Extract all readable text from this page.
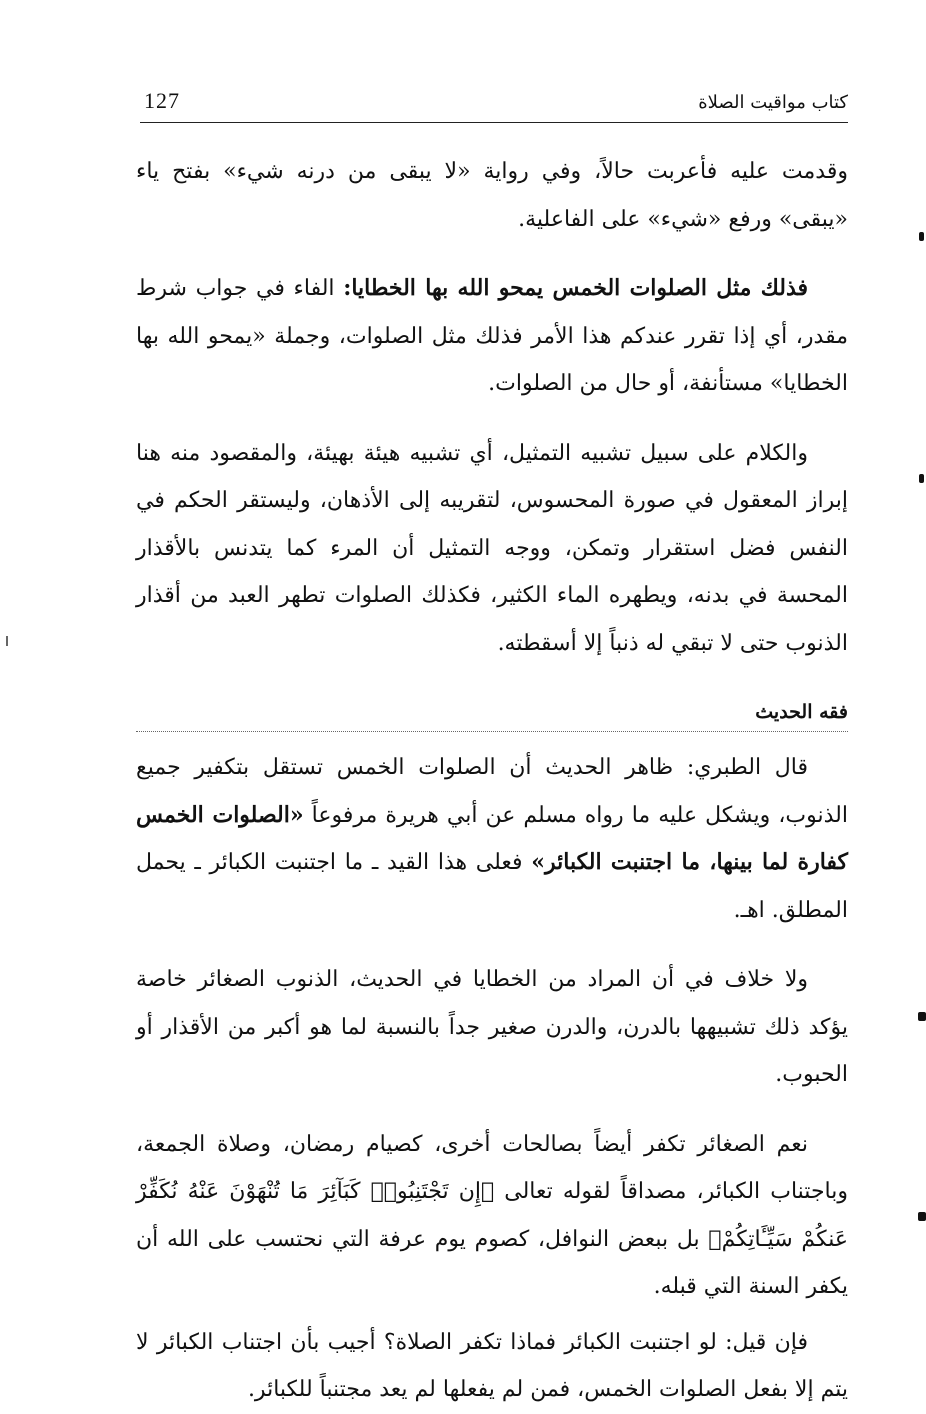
127	كتاب مواقيت الصلاة

وقدمت عليه فأعربت حالاً، وفي رواية «لا يبقى من درنه شيء» بفتح ياء «يبقى» ورفع «شيء» على الفاعلية.

فذلك مثل الصلوات الخمس يمحو الله بها الخطايا: الفاء في جواب شرط مقدر، أي إذا تقرر عندكم هذا الأمر فذلك مثل الصلوات، وجملة «يمحو الله بها الخطايا» مستأنفة، أو حال من الصلوات.

والكلام على سبيل تشبيه التمثيل، أي تشبيه هيئة بهيئة، والمقصود منه هنا إبراز المعقول في صورة المحسوس، لتقريبه إلى الأذهان، وليستقر الحكم في النفس فضل استقرار وتمكن، ووجه التمثيل أن المرء كما يتدنس بالأقذار المحسة في بدنه، ويطهره الماء الكثير، فكذلك الصلوات تطهر العبد من أقذار الذنوب حتى لا تبقي له ذنباً إلا أسقطته.

فقه الحديث

قال الطبري: ظاهر الحديث أن الصلوات الخمس تستقل بتكفير جميع الذنوب، ويشكل عليه ما رواه مسلم عن أبي هريرة مرفوعاً «الصلوات الخمس كفارة لما بينها، ما اجتنبت الكبائر» فعلى هذا القيد ـ ما اجتنبت الكبائر ـ يحمل المطلق. اهـ.

ولا خلاف في أن المراد من الخطايا في الحديث، الذنوب الصغائر خاصة يؤكد ذلك تشبيهها بالدرن، والدرن صغير جداً بالنسبة لما هو أكبر من الأقذار أو الحبوب.

نعم الصغائر تكفر أيضاً بصالحات أخرى، كصيام رمضان، وصلاة الجمعة، وباجتناب الكبائر، مصداقاً لقوله تعالى ﴿إِن تَجْتَنِبُوا۟ كَبَآئِرَ مَا تُنْهَوْنَ عَنْهُ نُكَفِّرْ عَنكُمْ سَيِّـَٔاتِكُمْ﴾ بل ببعض النوافل، كصوم يوم عرفة التي نحتسب على الله أن يكفر السنة التي قبله.

فإن قيل: لو اجتنبت الكبائر فماذا تكفر الصلاة؟ أجيب بأن اجتناب الكبائر لا يتم إلا بفعل الصلوات الخمس، فمن لم يفعلها لم يعد مجتنباً للكبائر.
